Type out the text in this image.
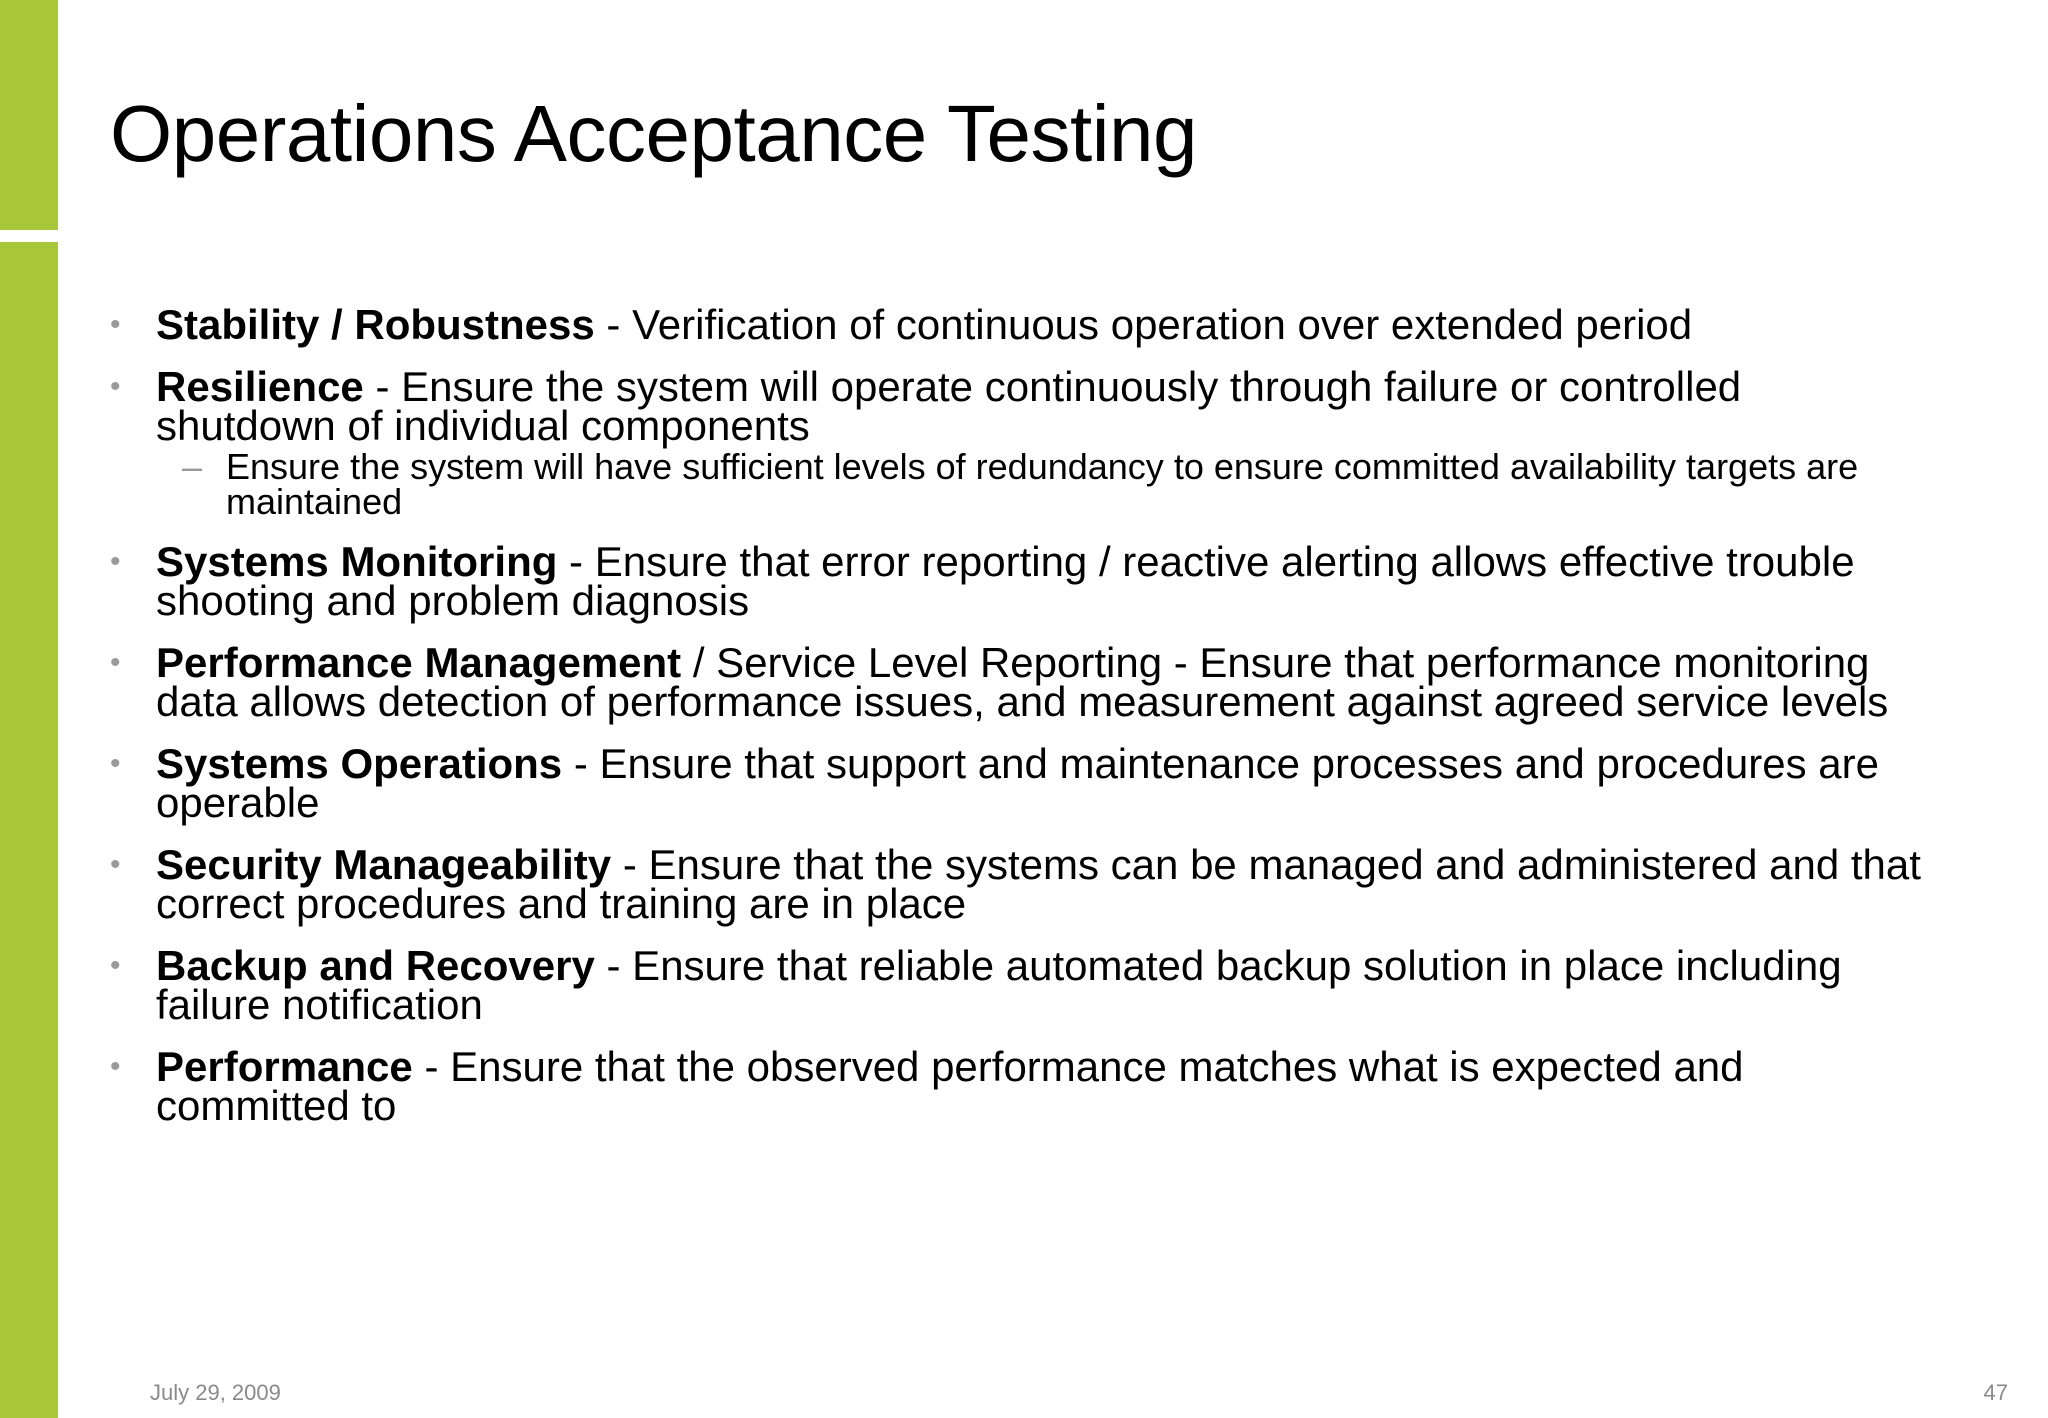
Operations Acceptance Testing
• Stability / Robustness - Verification of continuous operation over extended period
• Resilience - Ensure the system will operate continuously through failure or controlled shutdown of individual components
– Ensure the system will have sufficient levels of redundancy to ensure committed availability targets are maintained
• Systems Monitoring - Ensure that error reporting / reactive alerting allows effective trouble shooting and problem diagnosis
• Performance Management / Service Level Reporting - Ensure that performance monitoring data allows detection of performance issues, and measurement against agreed service levels
• Systems Operations - Ensure that support and maintenance processes and procedures are operable
• Security Manageability - Ensure that the systems can be managed and administered and that correct procedures and training are in place
• Backup and Recovery - Ensure that reliable automated backup solution in place including failure notification
• Performance - Ensure that the observed performance matches what is expected and committed to
July 29, 2009	47
